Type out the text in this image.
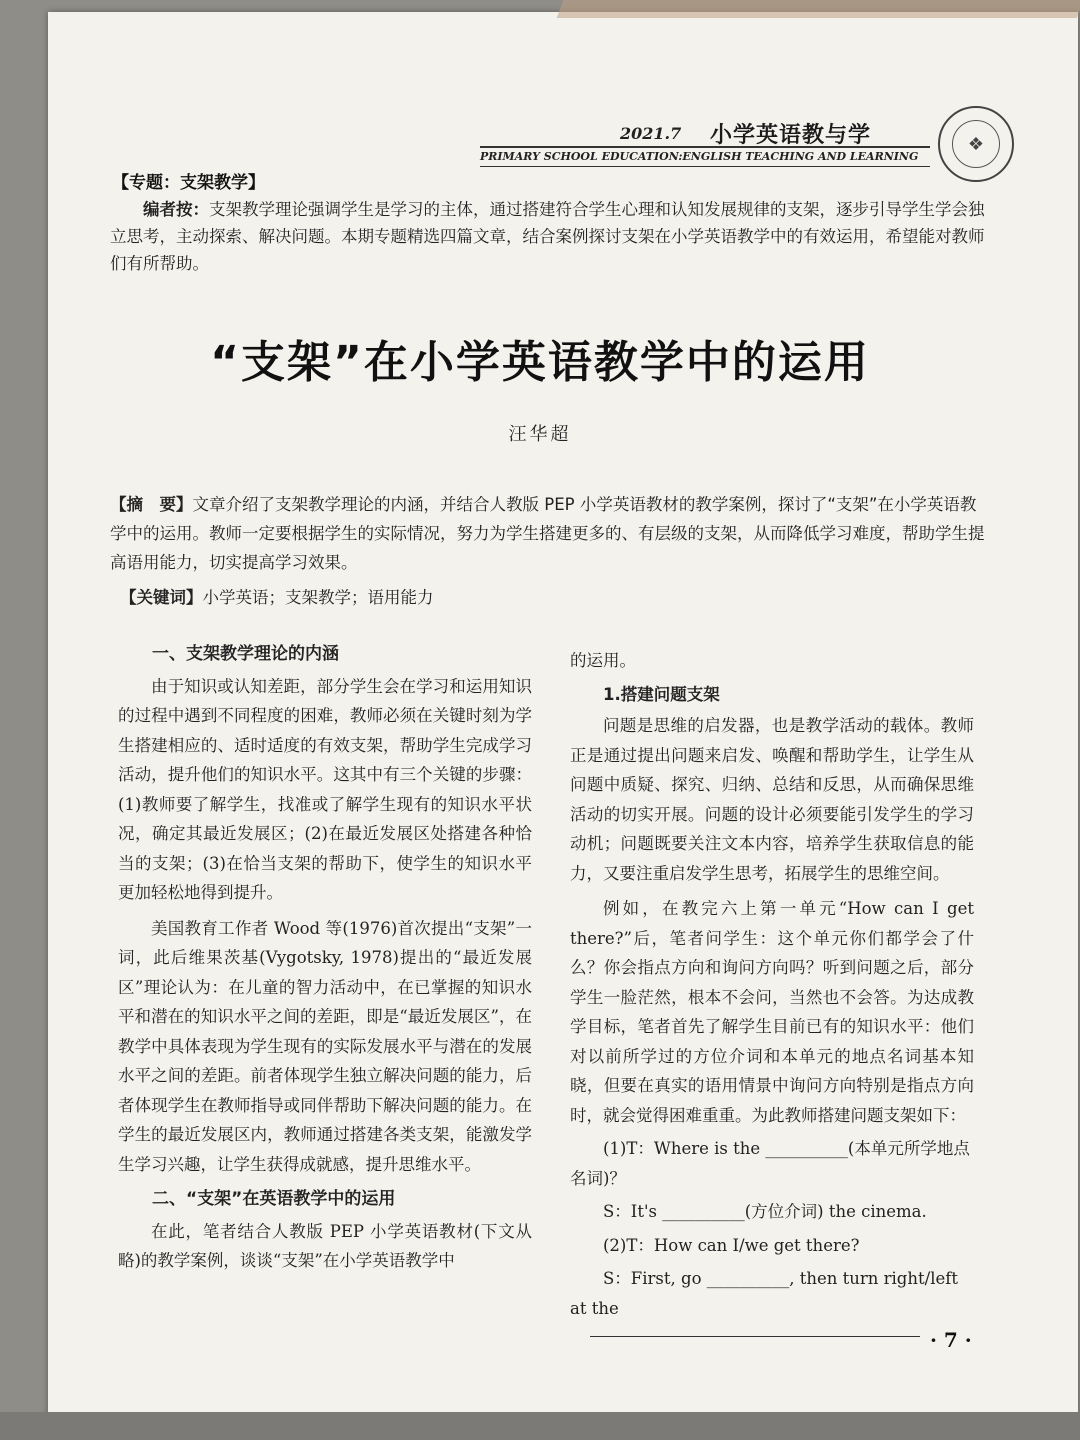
2021.7 小学英语教与学
PRIMARY SCHOOL EDUCATION:ENGLISH TEACHING AND LEARNING
❖
【专题：支架教学】
编者按：支架教学理论强调学生是学习的主体，通过搭建符合学生心理和认知发展规律的支架，逐步引导学生学会独立思考，主动探索、解决问题。本期专题精选四篇文章，结合案例探讨支架在小学英语教学中的有效运用，希望能对教师们有所帮助。
“支架”在小学英语教学中的运用
汪华超
【摘　要】文章介绍了支架教学理论的内涵，并结合人教版 PEP 小学英语教材的教学案例，探讨了“支架”在小学英语教学中的运用。教师一定要根据学生的实际情况，努力为学生搭建更多的、有层级的支架，从而降低学习难度，帮助学生提高语用能力，切实提高学习效果。
【关键词】小学英语；支架教学；语用能力
一、支架教学理论的内涵

由于知识或认知差距，部分学生会在学习和运用知识的过程中遇到不同程度的困难，教师必须在关键时刻为学生搭建相应的、适时适度的有效支架，帮助学生完成学习活动，提升他们的知识水平。这其中有三个关键的步骤：(1)教师要了解学生，找准或了解学生现有的知识水平状况，确定其最近发展区；(2)在最近发展区处搭建各种恰当的支架；(3)在恰当支架的帮助下，使学生的知识水平更加轻松地得到提升。

美国教育工作者 Wood 等(1976)首次提出“支架”一词，此后维果茨基(Vygotsky, 1978)提出的“最近发展区”理论认为：在儿童的智力活动中，在已掌握的知识水平和潜在的知识水平之间的差距，即是“最近发展区”，在教学中具体表现为学生现有的实际发展水平与潜在的发展水平之间的差距。前者体现学生独立解决问题的能力，后者体现学生在教师指导或同伴帮助下解决问题的能力。在学生的最近发展区内，教师通过搭建各类支架，能激发学生学习兴趣，让学生获得成就感，提升思维水平。

二、“支架”在英语教学中的运用

在此，笔者结合人教版 PEP 小学英语教材(下文从略)的教学案例，谈谈“支架”在小学英语教学中

的运用。
1.搭建问题支架

问题是思维的启发器，也是教学活动的载体。教师正是通过提出问题来启发、唤醒和帮助学生，让学生从问题中质疑、探究、归纳、总结和反思，从而确保思维活动的切实开展。问题的设计必须要能引发学生的学习动机；问题既要关注文本内容，培养学生获取信息的能力，又要注重启发学生思考，拓展学生的思维空间。

例如，在教完六上第一单元“How can I get there?”后，笔者问学生：这个单元你们都学会了什么？你会指点方向和询问方向吗？听到问题之后，部分学生一脸茫然，根本不会问，当然也不会答。为达成教学目标，笔者首先了解学生目前已有的知识水平：他们对以前所学过的方位介词和本单元的地点名词基本知晓，但要在真实的语用情景中询问方向特别是指点方向时，就会觉得困难重重。为此教师搭建问题支架如下：

(1)T：Where is the __________(本单元所学地点名词)？
S：It's __________(方位介词) the cinema.
(2)T：How can I/we get there?
S：First, go __________, then turn right/left at the
· 7 ·
